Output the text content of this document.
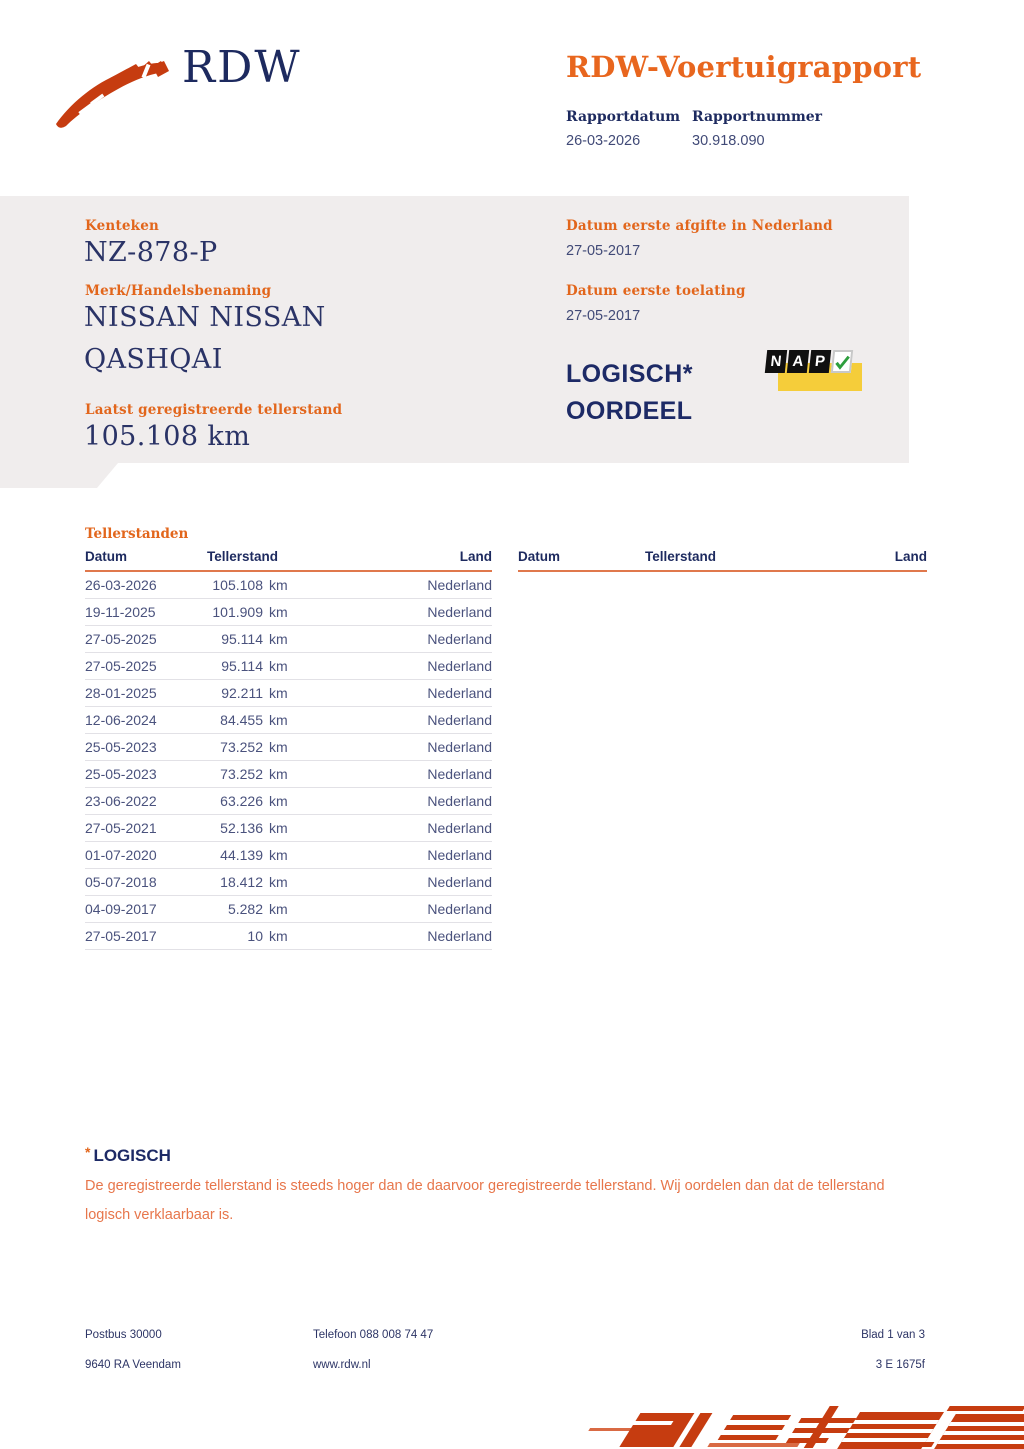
RDW	RDW-Voertuigrapport
Rapportdatum Rapportnummer
26-03-2026	30.918.090
Kenteken
NZ-878-P
Merk/Handelsbenaming
NISSAN NISSAN
QASHQAI
Laatst geregistreerde tellerstand
105.108 km
Datum eerste afgifte in Nederland
27-05-2017
Datum eerste toelating
27-05-2017
LOGISCH*
OORDEEL
N A P
Tellerstanden
Datum	Tellerstand	Land
26-03-2026	105.108 km	Nederland
19-11-2025	101.909 km	Nederland
27-05-2025	95.114 km	Nederland
27-05-2025	95.114 km	Nederland
28-01-2025	92.211 km	Nederland
12-06-2024	84.455 km	Nederland
25-05-2023	73.252 km	Nederland
25-05-2023	73.252 km	Nederland
23-06-2022	63.226 km	Nederland
27-05-2021	52.136 km	Nederland
01-07-2020	44.139 km	Nederland
05-07-2018	18.412 km	Nederland
04-09-2017	5.282 km	Nederland
27-05-2017	10 km	Nederland
Datum	Tellerstand	Land
* LOGISCH
De geregistreerde tellerstand is steeds hoger dan de daarvoor geregistreerde tellerstand. Wij oordelen dan dat de tellerstand logisch verklaarbaar is.
Postbus 30000
9640 RA Veendam
Telefoon 088 008 74 47
www.rdw.nl
Blad 1 van 3
3 E 1675f
